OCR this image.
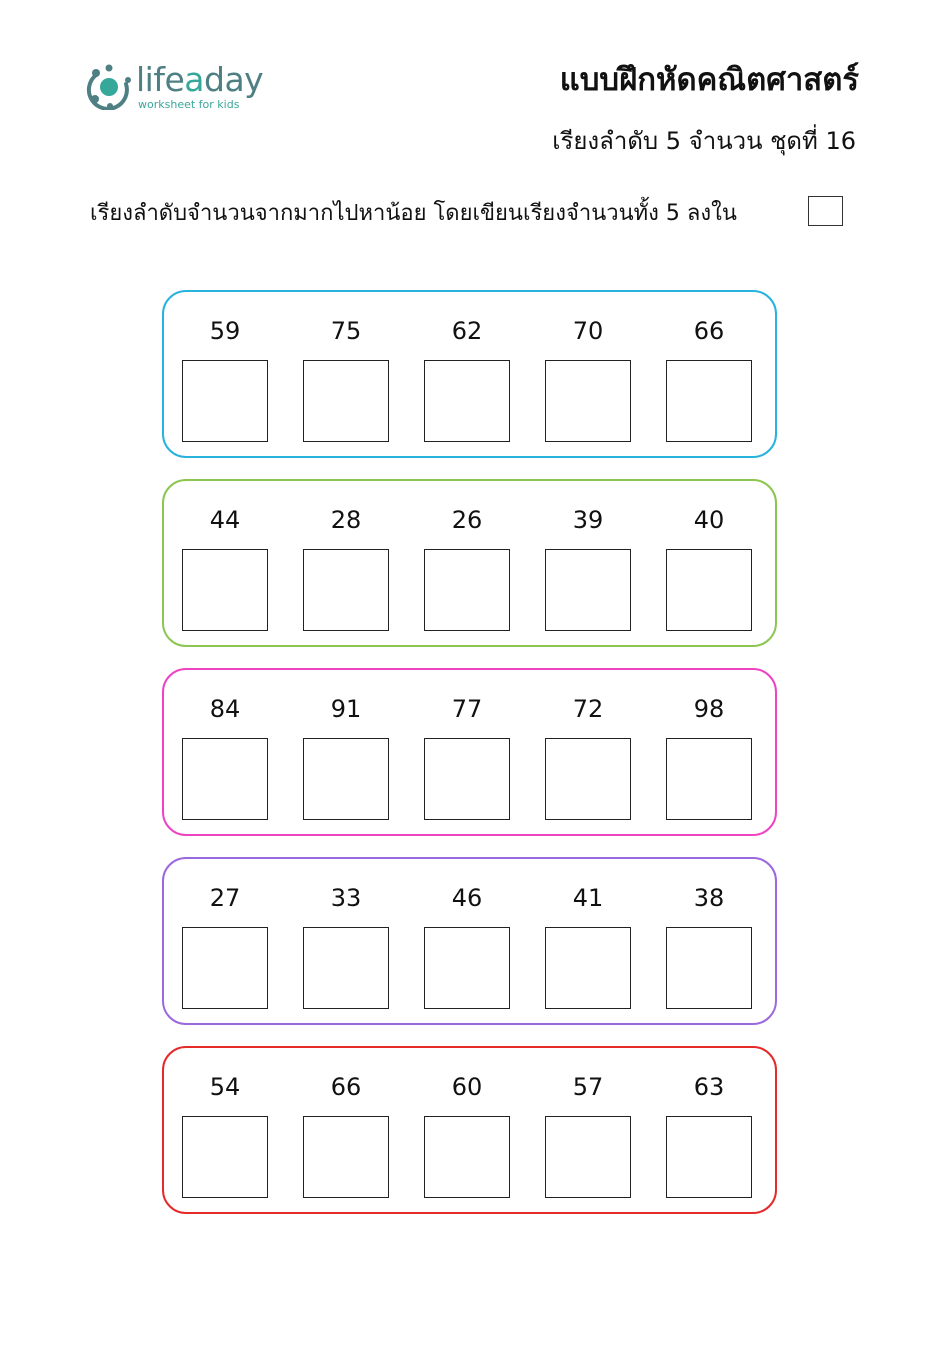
lifeaday
worksheet for kids
แบบฝึกหัดคณิตศาสตร์
เรียงลำดับ 5 จำนวน ชุดที่ 16
เรียงลำดับจำนวนจากมากไปหาน้อย โดยเขียนเรียงจำนวนทั้ง 5 ลงใน
59	75	62	70	66
44	28	26	39	40
84	91	77	72	98
27	33	46	41	38
54	66	60	57	63
